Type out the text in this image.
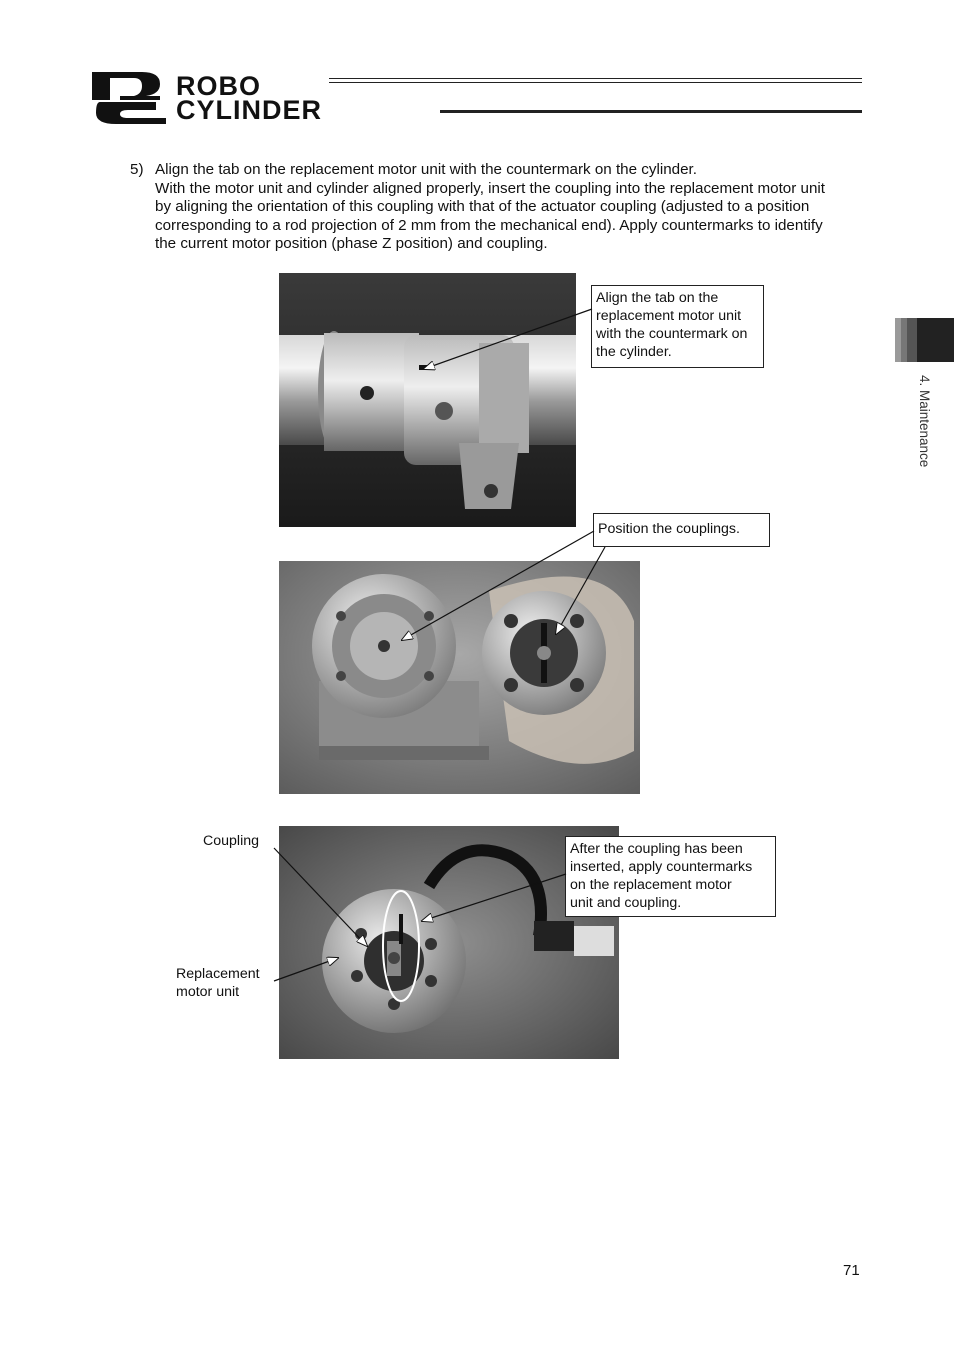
ROBO
CYLINDER
5) Align the tab on the replacement motor unit with the countermark on the cylinder.
With the motor unit and cylinder aligned properly, insert the coupling into the replacement motor unit
by aligning the orientation of this coupling with that of the actuator coupling (adjusted to a position
corresponding to a rod projection of 2 mm from the mechanical end). Apply countermarks to identify
the current motor position (phase Z position) and coupling.
Align the tab on the
replacement motor unit
with the countermark on
the cylinder.
Position the couplings.
After the coupling has been
inserted, apply countermarks
on the replacement motor
unit and coupling.
Coupling
Replacement
motor unit
4. Maintenance
71
